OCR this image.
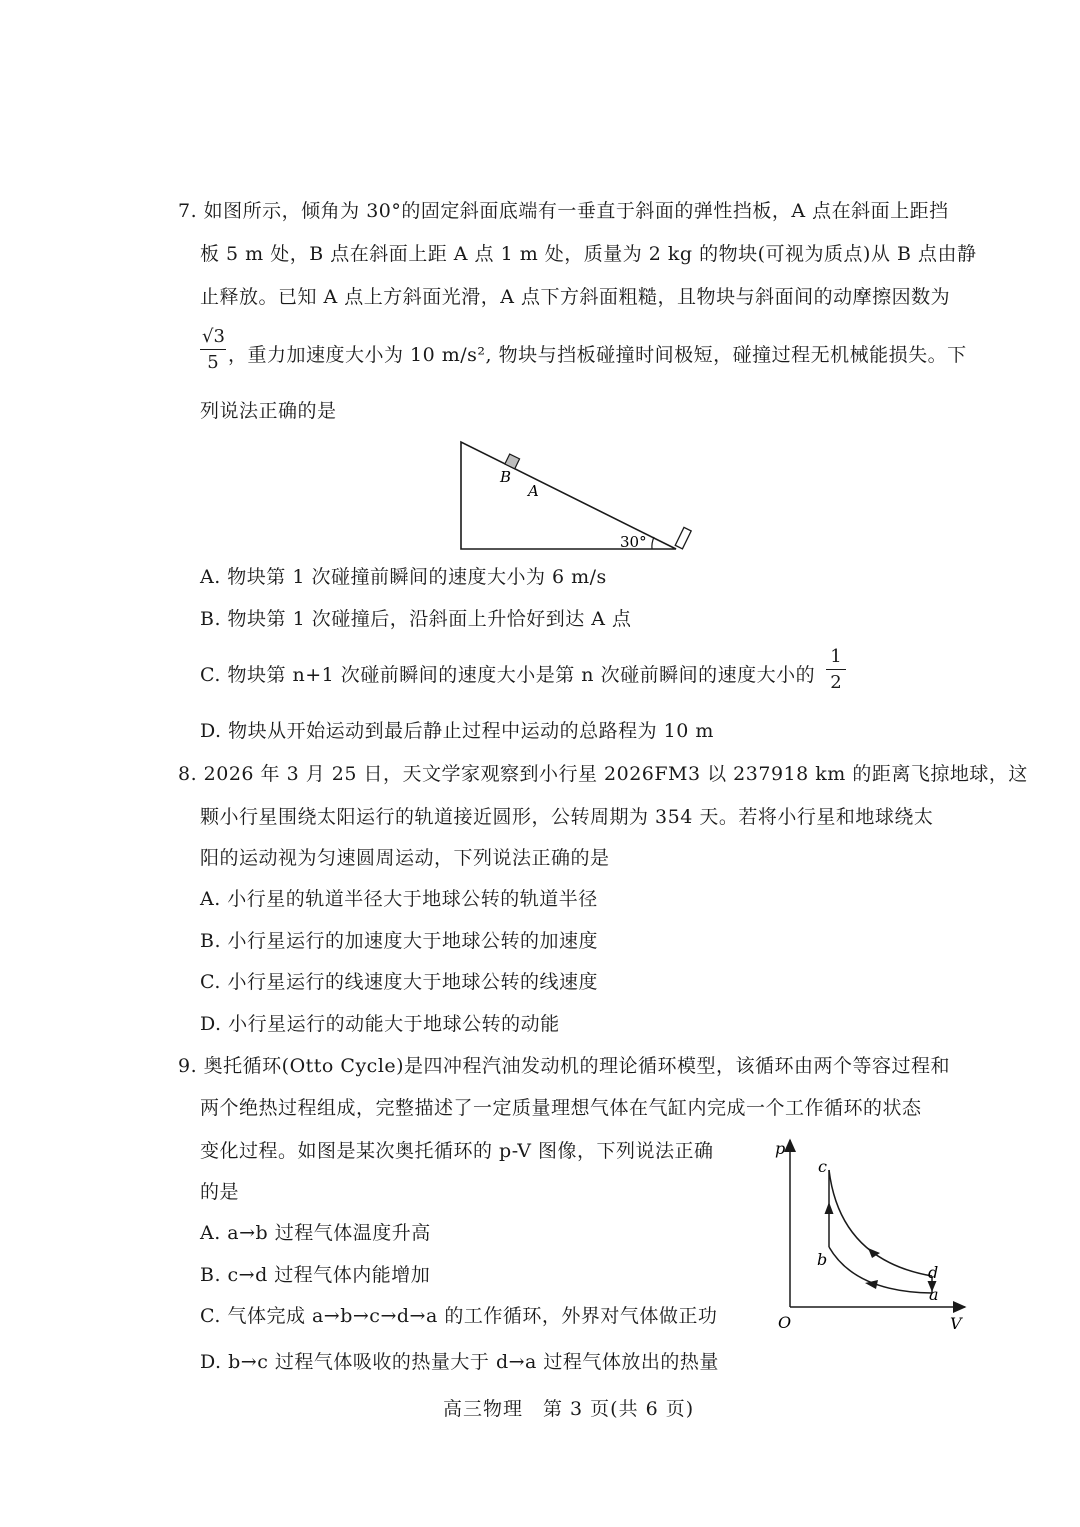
7. 如图所示，倾角为 30°的固定斜面底端有一垂直于斜面的弹性挡板，A 点在斜面上距挡
板 5 m 处，B 点在斜面上距 A 点 1 m 处，质量为 2 kg 的物块(可视为质点)从 B 点由静
止释放。已知 A 点上方斜面光滑，A 点下方斜面粗糙，且物块与斜面间的动摩擦因数为
√3
5 ，重力加速度大小为 10 m/s², 物块与挡板碰撞时间极短，碰撞过程无机械能损失。下
列说法正确的是
B
A
30°
A. 物块第 1 次碰撞前瞬间的速度大小为 6 m/s
B. 物块第 1 次碰撞后，沿斜面上升恰好到达 A 点
C. 物块第 n+1 次碰前瞬间的速度大小是第 n 次碰前瞬间的速度大小的
1
2
D. 物块从开始运动到最后静止过程中运动的总路程为 10 m
8. 2026 年 3 月 25 日，天文学家观察到小行星 2026FM3 以 237918 km 的距离飞掠地球，这
颗小行星围绕太阳运行的轨道接近圆形，公转周期为 354 天。若将小行星和地球绕太
阳的运动视为匀速圆周运动，下列说法正确的是
A. 小行星的轨道半径大于地球公转的轨道半径
B. 小行星运行的加速度大于地球公转的加速度
C. 小行星运行的线速度大于地球公转的线速度
D. 小行星运行的动能大于地球公转的动能
9. 奥托循环(Otto Cycle)是四冲程汽油发动机的理论循环模型，该循环由两个等容过程和
两个绝热过程组成，完整描述了一定质量理想气体在气缸内完成一个工作循环的状态
变化过程。如图是某次奥托循环的 p-V 图像，下列说法正确
的是
A. a→b 过程气体温度升高
B. c→d 过程气体内能增加
C. 气体完成 a→b→c→d→a 的工作循环，外界对气体做正功
D. b→c 过程气体吸收的热量大于 d→a 过程气体放出的热量
p
V
O
c
b
d
a
高三物理　第 3 页(共 6 页)
